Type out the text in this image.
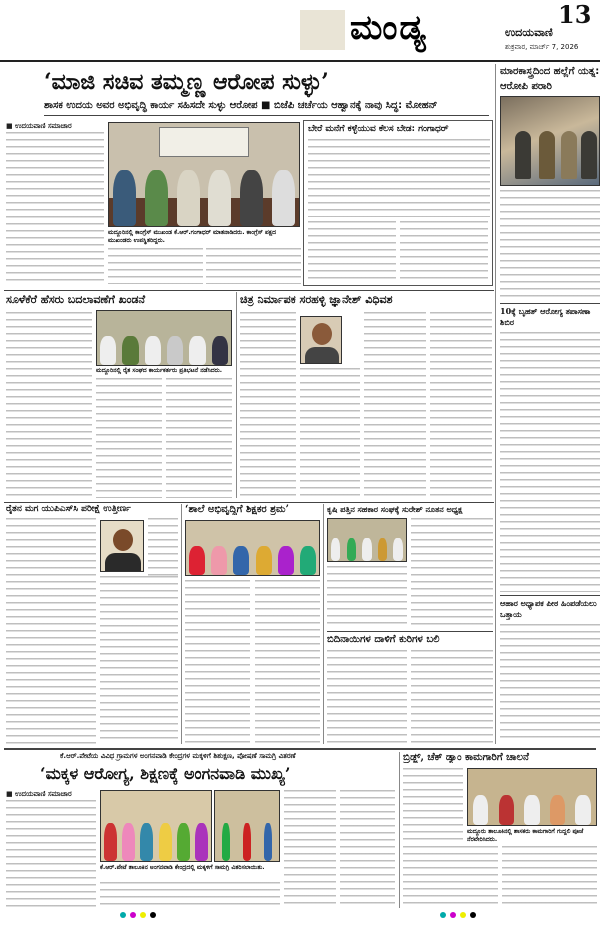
ಮಂಡ್ಯ	13
ಉದಯವಾಣಿ
ಶುಕ್ರವಾರ, ಮಾರ್ಚ್ 7, 2026
‘ಮಾಜಿ ಸಚಿವ ತಮ್ಮಣ್ಣ ಆರೋಪ ಸುಳ್ಳು’
ಶಾಸಕ ಉದಯ ಅವರ ಅಭಿವೃದ್ಧಿ ಕಾರ್ಯ ಸಹಿಸದೇ ಸುಳ್ಳು ಆರೋಪ ■ ಬಿಜೆಪಿ ಚರ್ಚೆಯ ಆಹ್ವಾನಕ್ಕೆ ನಾವು ಸಿದ್ಧ: ಮೋಹನ್
■ ಉದಯವಾಣಿ ಸಮಾಚಾರ
ಮದ್ದೂರಿನಲ್ಲಿ ಕಾಂಗ್ರೆಸ್ ಮುಖಂಡ ಕೆ.ಆರ್.ಗಂಗಾಧರ್ ಮಾತನಾಡಿದರು. ಕಾಂಗ್ರೆಸ್ ಪಕ್ಷದ ಮುಖಂಡರು ಉಪಸ್ಥಿತರಿದ್ದರು.
ಬೇರೆ ಮನೆಗೆ ಕಳ್ಳೆಯುವ ಕೆಲಸ ಬೇಡ: ಗಂಗಾಧರ್
ಮಾರಕಾಸ್ತ್ರದಿಂದ ಹಲ್ಲೆಗೆ ಯತ್ನ: ಆರೋಪಿ ಪರಾರಿ
10ಕ್ಕೆ ಬೃಹತ್ ಆರೋಗ್ಯ ತಪಾಸಣಾ ಶಿಬಿರ
ಆಹಾರ ಅಧ್ಯಾಪಕ ಪೀಠ ಹಿಂಪಡೆಯಲು ಒತ್ತಾಯ
ಸೂಳೆಕೆರೆ ಹೆಸರು ಬದಲಾವಣೆಗೆ ಖಂಡನೆ
ಮದ್ದೂರಿನಲ್ಲಿ ರೈತ ಸಂಘದ ಕಾರ್ಯಕರ್ತರು ಪ್ರತಿಭಟನೆ ನಡೆಸಿದರು.
ಚಿತ್ರ ನಿರ್ಮಾಪಕ ಸರಹಳ್ಳಿ ಜ್ಞಾನೇಶ್ ವಿಧಿವಶ
ರೈತನ ಮಗ ಯುಪಿಎಸ್‌ಸಿ ಪರೀಕ್ಷೆ ಉತ್ತೀರ್ಣ	‘ಶಾಲೆ ಅಭಿವೃದ್ಧಿಗೆ ಶಿಕ್ಷಕರ ಶ್ರಮ’	ಕೃಷಿ ಪತ್ತಿನ ಸಹಕಾರ ಸಂಘಕ್ಕೆ ಸುರೇಶ್ ನೂತನ ಅಧ್ಯಕ್ಷ
ಬಿದಿನಾಯಿಗಳ ದಾಳಿಗೆ ಕುರಿಗಳ ಬಲಿ
ಕೆ.ಆರ್.ಪೇಟೆಯ ವಿವಿಧ ಗ್ರಾಮಗಳ ಅಂಗನವಾಡಿ ಕೇಂದ್ರಗಳ ಮಕ್ಕಳಿಗೆ ಶಿಶುಕ್ಷಣ, ಪೋಷಣೆ ಸಾಮಗ್ರಿ ವಿತರಣೆ
‘ಮಕ್ಕಳ ಆರೋಗ್ಯ, ಶಿಕ್ಷಣಕ್ಕೆ ಅಂಗನವಾಡಿ ಮುಖ್ಯ’
■ ಉದಯವಾಣಿ ಸಮಾಚಾರ
ಕೆ.ಆರ್.ಪೇಟೆ ತಾಲೂಕಿನ ಅಂಗನವಾಡಿ ಕೇಂದ್ರದಲ್ಲಿ ಮಕ್ಕಳಿಗೆ ಸಾಮಗ್ರಿ ವಿತರಿಸಲಾಯಿತು.
ಬ್ರಿಡ್ಜ್, ಚೆಕ್ ಡ್ಯಾಂ ಕಾಮಗಾರಿಗೆ ಚಾಲನೆ
ಮದ್ದೂರು ತಾಲೂಕಿನಲ್ಲಿ ಶಾಸಕರು ಕಾಮಗಾರಿಗೆ ಗುದ್ದಲಿ ಪೂಜೆ ನೆರವೇರಿಸಿದರು.
